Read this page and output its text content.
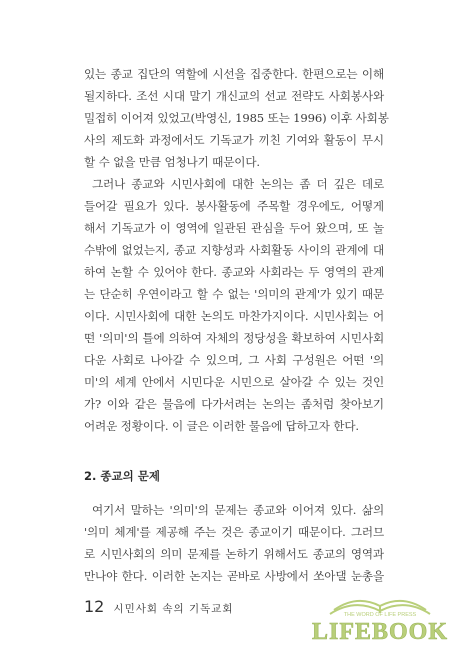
있는 종교 집단의 역할에 시선을 집중한다. 한편으로는 이해
될지하다. 조선 시대 말기 개신교의 선교 전략도 사회봉사와
밀접히 이어져 있었고(박영신, 1985 또는 1996) 이후 사회봉
사의 제도화 과정에서도 기독교가 끼친 기여와 활동이 무시
할 수 없을 만큼 엄청나기 때문이다.
그러나 종교와 시민사회에 대한 논의는 좀 더 깊은 데로
들어갈 필요가 있다. 봉사활동에 주목할 경우에도, 어떻게
해서 기독교가 이 영역에 일관된 관심을 두어 왔으며, 또 놀
수밖에 없었는지, 종교 지향성과 사회활동 사이의 관계에 대
하여 논할 수 있어야 한다. 종교와 사회라는 두 영역의 관계
는 단순히 우연이라고 할 수 없는 '의미의 관계'가 있기 때문
이다. 시민사회에 대한 논의도 마찬가지이다. 시민사회는 어
떤 '의미'의 틀에 의하여 자체의 정당성을 확보하여 시민사회
다운 사회로 나아갈 수 있으며, 그 사회 구성원은 어떤 '의
미'의 세계 안에서 시민다운 시민으로 살아갈 수 있는 것인
가? 이와 같은 물음에 다가서려는 논의는 좀처럼 찾아보기
어려운 정황이다. 이 글은 이러한 물음에 답하고자 한다.
2. 종교의 문제
여기서 말하는 '의미'의 문제는 종교와 이어져 있다. 삶의
'의미 체계'를 제공해 주는 것은 종교이기 때문이다. 그러므
로 시민사회의 의미 문제를 논하기 위해서도 종교의 영역과
만나야 한다. 이러한 논지는 곧바로 사방에서 쏘아댈 눈총을
12 시민사회 속의 기독교회	THE WORD OF LIFE PRESS
LIFEBOOK
